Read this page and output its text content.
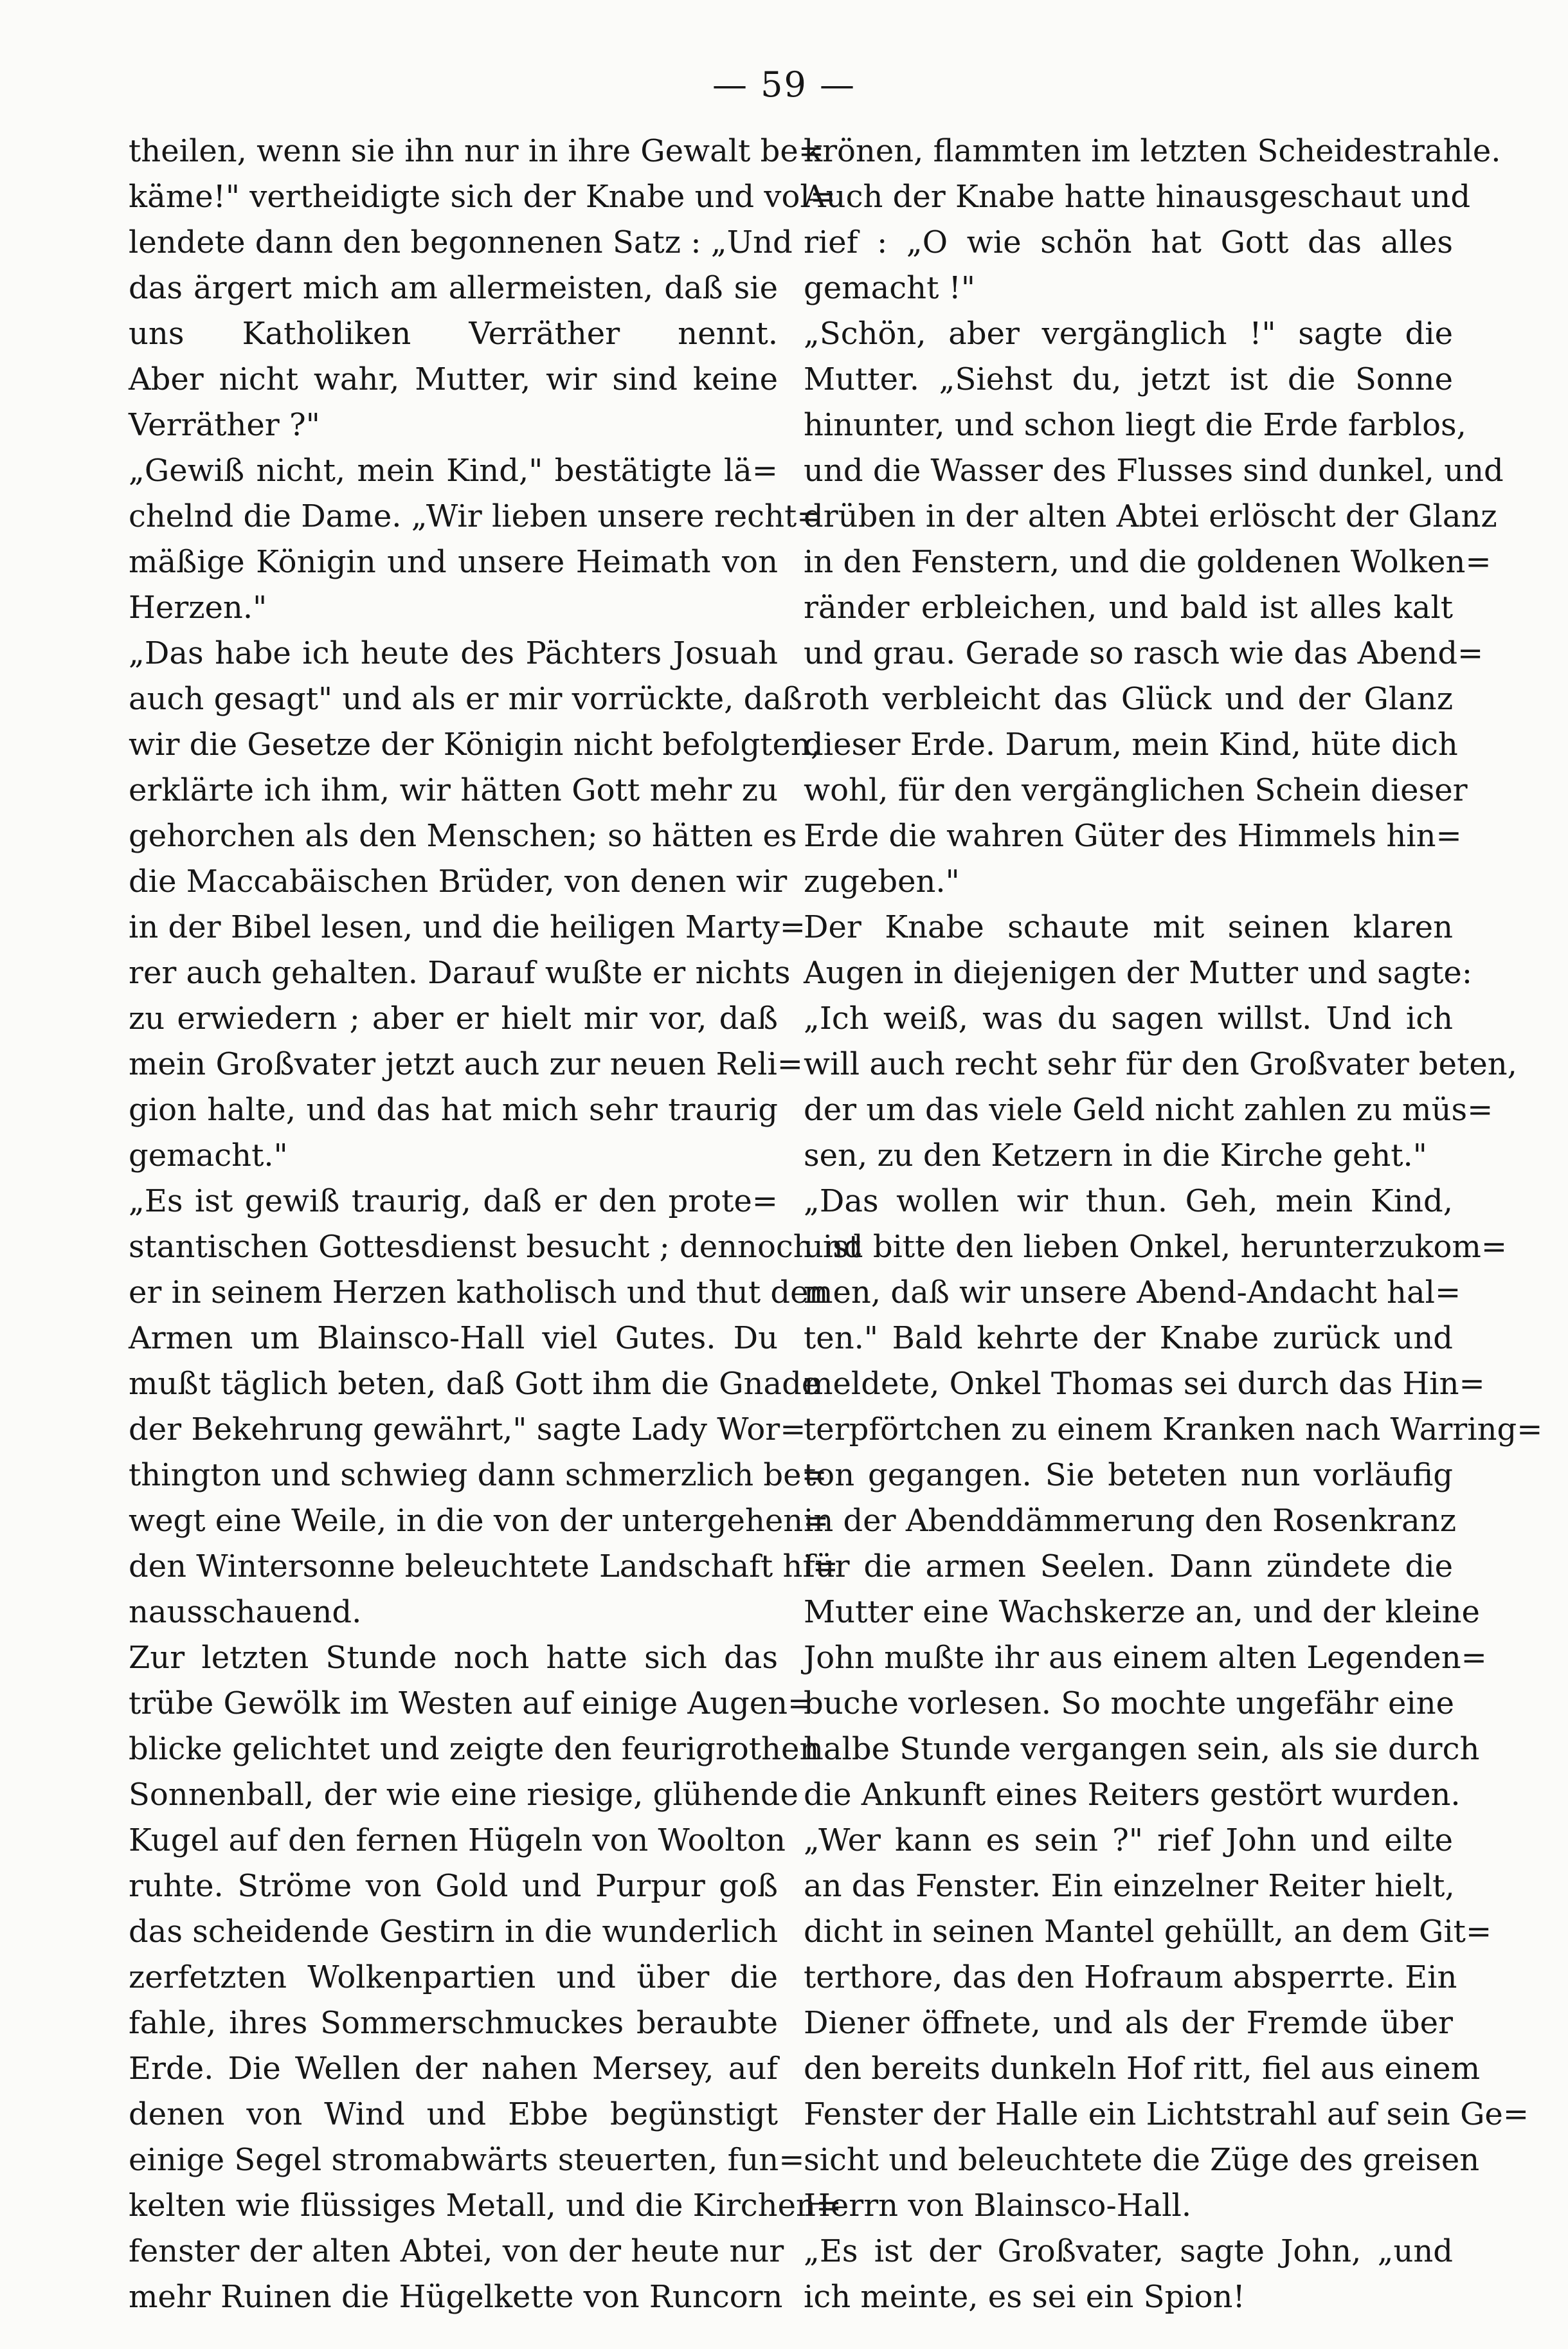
— 59 —
theilen, wenn sie ihn nur in ihre Gewalt be=
käme!" vertheidigte sich der Knabe und vol=
lendete dann den begonnenen Satz : „Und
das ärgert mich am allermeisten, daß sie
uns Katholiken Verräther nennt.
Aber nicht wahr, Mutter, wir sind keine
Verräther ?"
„Gewiß nicht, mein Kind," bestätigte lä=
chelnd die Dame. „Wir lieben unsere recht=
mäßige Königin und unsere Heimath von
Herzen."
„Das habe ich heute des Pächters Josuah
auch gesagt" und als er mir vorrückte, daß
wir die Gesetze der Königin nicht befolgten,
erklärte ich ihm, wir hätten Gott mehr zu
gehorchen als den Menschen; so hätten es
die Maccabäischen Brüder, von denen wir
in der Bibel lesen, und die heiligen Marty=
rer auch gehalten. Darauf wußte er nichts
zu erwiedern ; aber er hielt mir vor, daß
mein Großvater jetzt auch zur neuen Reli=
gion halte, und das hat mich sehr traurig
gemacht."
„Es ist gewiß traurig, daß er den prote=
stantischen Gottesdienst besucht ; dennoch ist
er in seinem Herzen katholisch und thut den
Armen um Blainsco-Hall viel Gutes. Du
mußt täglich beten, daß Gott ihm die Gnade
der Bekehrung gewährt," sagte Lady Wor=
thington und schwieg dann schmerzlich be=
wegt eine Weile, in die von der untergehen=
den Wintersonne beleuchtete Landschaft hi=
nausschauend.
Zur letzten Stunde noch hatte sich das
trübe Gewölk im Westen auf einige Augen=
blicke gelichtet und zeigte den feurigrothen
Sonnenball, der wie eine riesige, glühende
Kugel auf den fernen Hügeln von Woolton
ruhte. Ströme von Gold und Purpur goß
das scheidende Gestirn in die wunderlich
zerfetzten Wolkenpartien und über die
fahle, ihres Sommerschmuckes beraubte
Erde. Die Wellen der nahen Mersey, auf
denen von Wind und Ebbe begünstigt
einige Segel stromabwärts steuerten, fun=
kelten wie flüssiges Metall, und die Kirchen=
fenster der alten Abtei, von der heute nur
mehr Ruinen die Hügelkette von Runcorn
krönen, flammten im letzten Scheidestrahle.
Auch der Knabe hatte hinausgeschaut und
rief : „O wie schön hat Gott das alles
gemacht !"
„Schön, aber vergänglich !" sagte die
Mutter. „Siehst du, jetzt ist die Sonne
hinunter, und schon liegt die Erde farblos,
und die Wasser des Flusses sind dunkel, und
drüben in der alten Abtei erlöscht der Glanz
in den Fenstern, und die goldenen Wolken=
ränder erbleichen, und bald ist alles kalt
und grau. Gerade so rasch wie das Abend=
roth verbleicht das Glück und der Glanz
dieser Erde. Darum, mein Kind, hüte dich
wohl, für den vergänglichen Schein dieser
Erde die wahren Güter des Himmels hin=
zugeben."
Der Knabe schaute mit seinen klaren
Augen in diejenigen der Mutter und sagte:
„Ich weiß, was du sagen willst. Und ich
will auch recht sehr für den Großvater beten,
der um das viele Geld nicht zahlen zu müs=
sen, zu den Ketzern in die Kirche geht."
„Das wollen wir thun. Geh, mein Kind,
und bitte den lieben Onkel, herunterzukom=
men, daß wir unsere Abend-Andacht hal=
ten." Bald kehrte der Knabe zurück und
meldete, Onkel Thomas sei durch das Hin=
terpförtchen zu einem Kranken nach Warring=
ton gegangen. Sie beteten nun vorläufig
in der Abenddämmerung den Rosenkranz
für die armen Seelen. Dann zündete die
Mutter eine Wachskerze an, und der kleine
John mußte ihr aus einem alten Legenden=
buche vorlesen. So mochte ungefähr eine
halbe Stunde vergangen sein, als sie durch
die Ankunft eines Reiters gestört wurden.
„Wer kann es sein ?" rief John und eilte
an das Fenster. Ein einzelner Reiter hielt,
dicht in seinen Mantel gehüllt, an dem Git=
terthore, das den Hofraum absperrte. Ein
Diener öffnete, und als der Fremde über
den bereits dunkeln Hof ritt, fiel aus einem
Fenster der Halle ein Lichtstrahl auf sein Ge=
sicht und beleuchtete die Züge des greisen
Herrn von Blainsco-Hall.
„Es ist der Großvater, sagte John, „und
ich meinte, es sei ein Spion!
